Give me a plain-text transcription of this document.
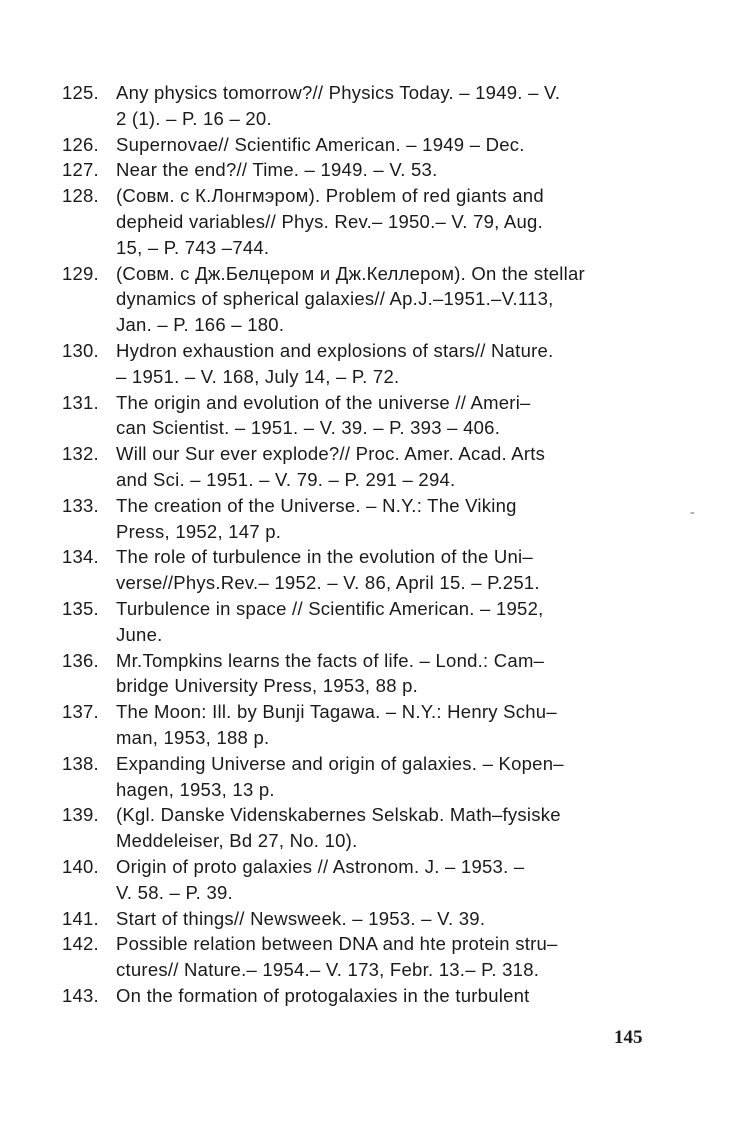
125. Any physics tomorrow?// Physics Today. – 1949. – V.
2 (1). – P. 16 – 20.
126. Supernovae// Scientific American. – 1949 – Dec.
127. Near the end?// Time. – 1949. – V. 53.
128. (Совм. с К.Лонгмэром). Problem of red giants and
depheid variables// Phys. Rev.– 1950.– V. 79, Aug.
15, – P. 743 –744.
129. (Совм. с Дж.Белцером и Дж.Келлером). On the stellar
dynamics of spherical galaxies// Ap.J.–1951.–V.113,
Jan. – P. 166 – 180.
130. Hydron exhaustion and explosions of stars// Nature.
– 1951. – V. 168, July 14, – P. 72.
131. The origin and evolution of the universe // Ameri–
can Scientist. – 1951. – V. 39. – P. 393 – 406.
132. Will our Sur ever explode?// Proc. Amer. Acad. Arts
and Sci. – 1951. – V. 79. – P. 291 – 294.
133. The creation of the Universe. – N.Y.: The Viking
Press, 1952, 147 p.
134. The role of turbulence in the evolution of the Uni–
verse//Phys.Rev.– 1952. – V. 86, April 15. – P.251.
135. Turbulence in space // Scientific American. – 1952,
June.
136. Mr.Tompkins learns the facts of life. – Lond.: Cam–
bridge University Press, 1953, 88 p.
137. The Moon: Ill. by Bunji Tagawa. – N.Y.: Henry Schu–
man, 1953, 188 p.
138. Expanding Universe and origin of galaxies. – Kopen–
hagen, 1953, 13 p.
139. (Kgl. Danske Videnskabernes Selskab. Math–fysiske
Meddeleiser, Bd 27, No. 10).
140. Origin of proto galaxies // Astronom. J. – 1953. –
V. 58. – P. 39.
141. Start of things// Newsweek. – 1953. – V. 39.
142. Possible relation between DNA and hte protein stru–
ctures// Nature.– 1954.– V. 173, Febr. 13.– P. 318.
143. On the formation of protogalaxies in the turbulent
-
145
